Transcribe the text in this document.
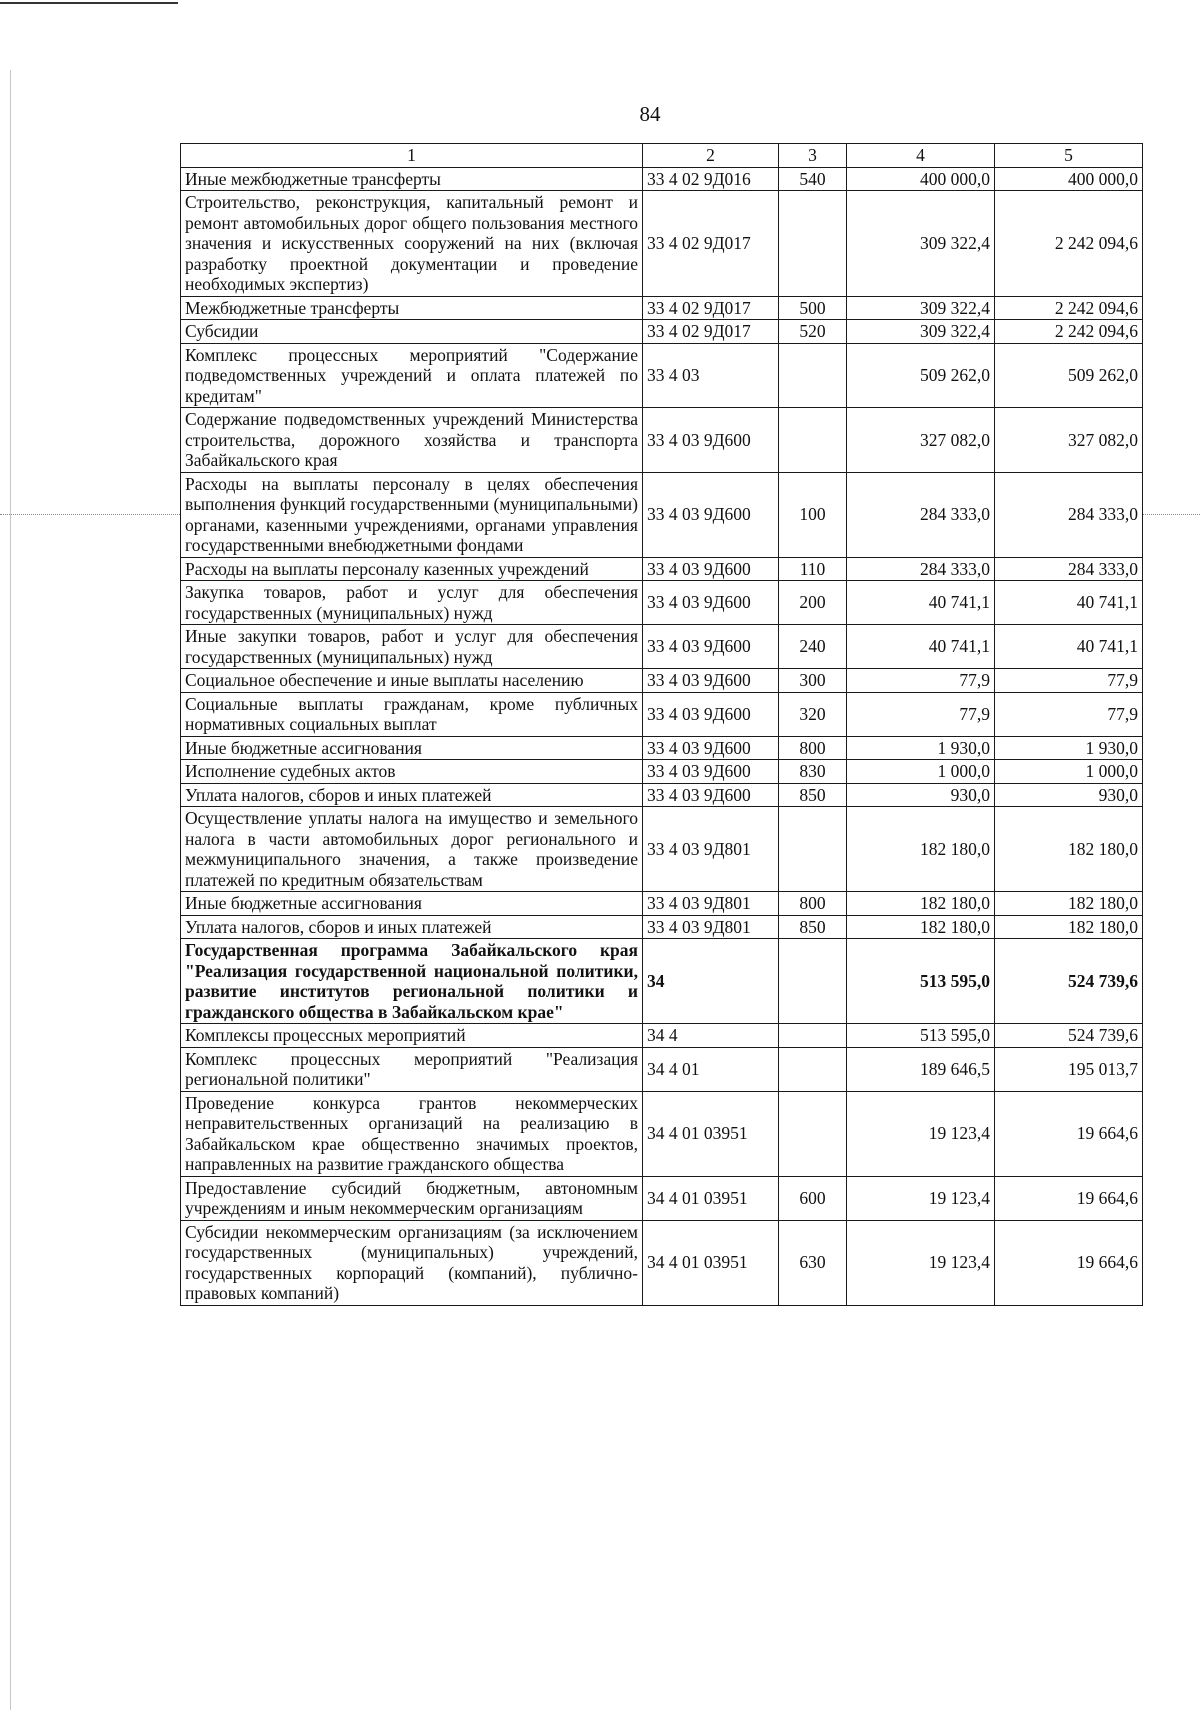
84
1	2	3	4	5
Иные межбюджетные трансферты	33 4 02 9Д016	540	400 000,0	400 000,0
Строительство, реконструкция, капитальный ремонт и ремонт автомобильных дорог общего пользования местного значения и искусственных сооружений на них (включая разработку проектной документации и проведение необходимых экспертиз)	33 4 02 9Д017		309 322,4	2 242 094,6
Межбюджетные трансферты	33 4 02 9Д017	500	309 322,4	2 242 094,6
Субсидии	33 4 02 9Д017	520	309 322,4	2 242 094,6
Комплекс процессных мероприятий "Содержание подведомственных учреждений и оплата платежей по кредитам"	33 4 03		509 262,0	509 262,0
Содержание подведомственных учреждений Министерства строительства, дорожного хозяйства и транспорта Забайкальского края	33 4 03 9Д600		327 082,0	327 082,0
Расходы на выплаты персоналу в целях обеспечения выполнения функций государственными (муниципальными) органами, казенными учреждениями, органами управления государственными внебюджетными фондами	33 4 03 9Д600	100	284 333,0	284 333,0
Расходы на выплаты персоналу казенных учреждений	33 4 03 9Д600	110	284 333,0	284 333,0
Закупка товаров, работ и услуг для обеспечения государственных (муниципальных) нужд	33 4 03 9Д600	200	40 741,1	40 741,1
Иные закупки товаров, работ и услуг для обеспечения государственных (муниципальных) нужд	33 4 03 9Д600	240	40 741,1	40 741,1
Социальное обеспечение и иные выплаты населению	33 4 03 9Д600	300	77,9	77,9
Социальные выплаты гражданам, кроме публичных нормативных социальных выплат	33 4 03 9Д600	320	77,9	77,9
Иные бюджетные ассигнования	33 4 03 9Д600	800	1 930,0	1 930,0
Исполнение судебных актов	33 4 03 9Д600	830	1 000,0	1 000,0
Уплата налогов, сборов и иных платежей	33 4 03 9Д600	850	930,0	930,0
Осуществление уплаты налога на имущество и земельного налога в части автомобильных дорог регионального и межмуниципального значения, а также произведение платежей по кредитным обязательствам	33 4 03 9Д801		182 180,0	182 180,0
Иные бюджетные ассигнования	33 4 03 9Д801	800	182 180,0	182 180,0
Уплата налогов, сборов и иных платежей	33 4 03 9Д801	850	182 180,0	182 180,0
Государственная программа Забайкальского края "Реализация государственной национальной политики, развитие институтов региональной политики и гражданского общества в Забайкальском крае"	34		513 595,0	524 739,6
Комплексы процессных мероприятий	34 4		513 595,0	524 739,6
Комплекс процессных мероприятий "Реализация региональной политики"	34 4 01		189 646,5	195 013,7
Проведение конкурса грантов некоммерческих неправительственных организаций на реализацию в Забайкальском крае общественно значимых проектов, направленных на развитие гражданского общества	34 4 01 03951		19 123,4	19 664,6
Предоставление субсидий бюджетным, автономным учреждениям и иным некоммерческим организациям	34 4 01 03951	600	19 123,4	19 664,6
Субсидии некоммерческим организациям (за исключением государственных (муниципальных) учреждений, государственных корпораций (компаний), публично-правовых компаний)	34 4 01 03951	630	19 123,4	19 664,6
